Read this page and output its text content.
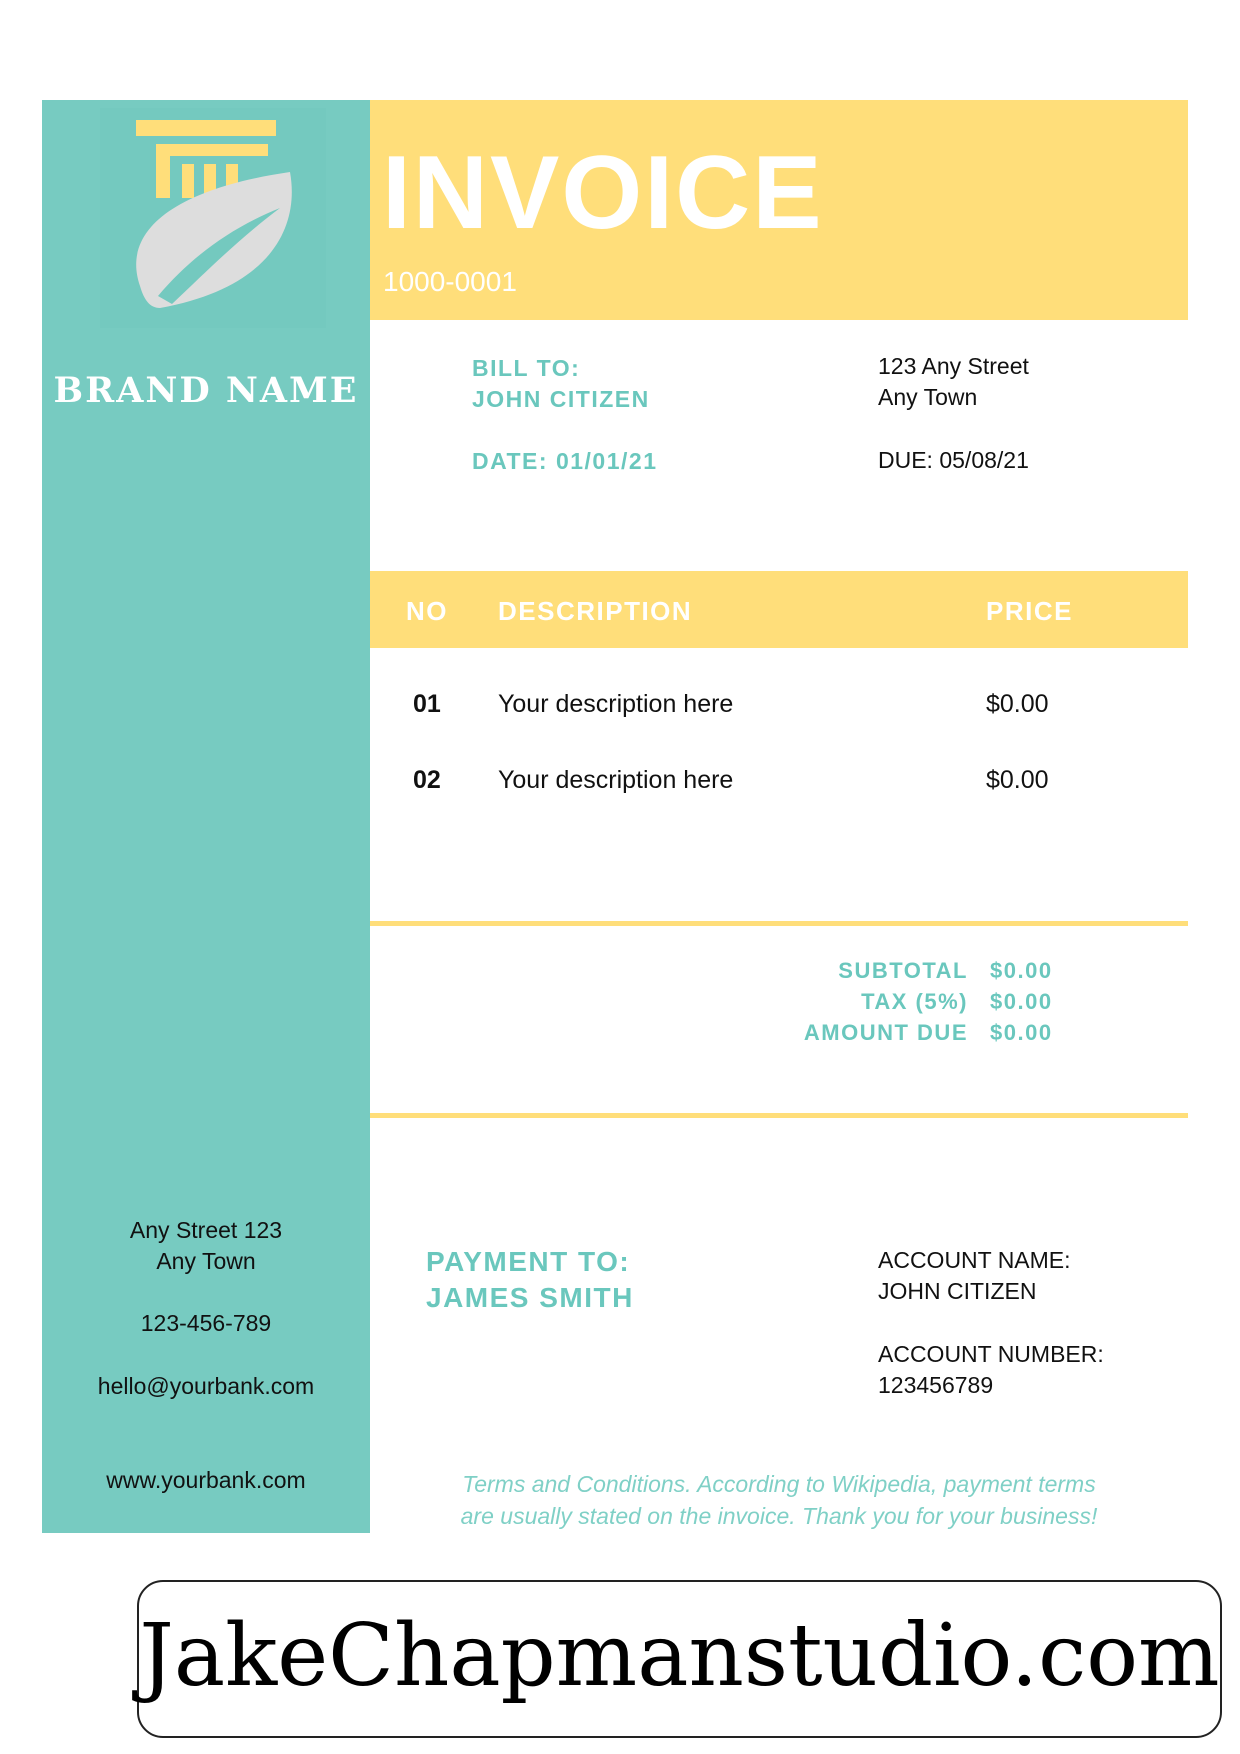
BRAND NAME
Any Street 123
Any Town
123-456-789
hello@yourbank.com
www.yourbank.com
INVOICE
1000-0001
BILL TO:
JOHN CITIZEN
DATE: 01/01/21
123 Any Street
Any Town
DUE: 05/08/21
NO DESCRIPTION	PRICE
01 Your description here	$0.00
02 Your description here	$0.00
SUBTOTAL $0.00
TAX (5%) $0.00
AMOUNT DUE $0.00
PAYMENT TO:
JAMES SMITH
ACCOUNT NAME:
JOHN CITIZEN
ACCOUNT NUMBER:
123456789
Terms and Conditions. According to Wikipedia, payment terms
are usually stated on the invoice. Thank you for your business!
JakeChapmanstudio.com
